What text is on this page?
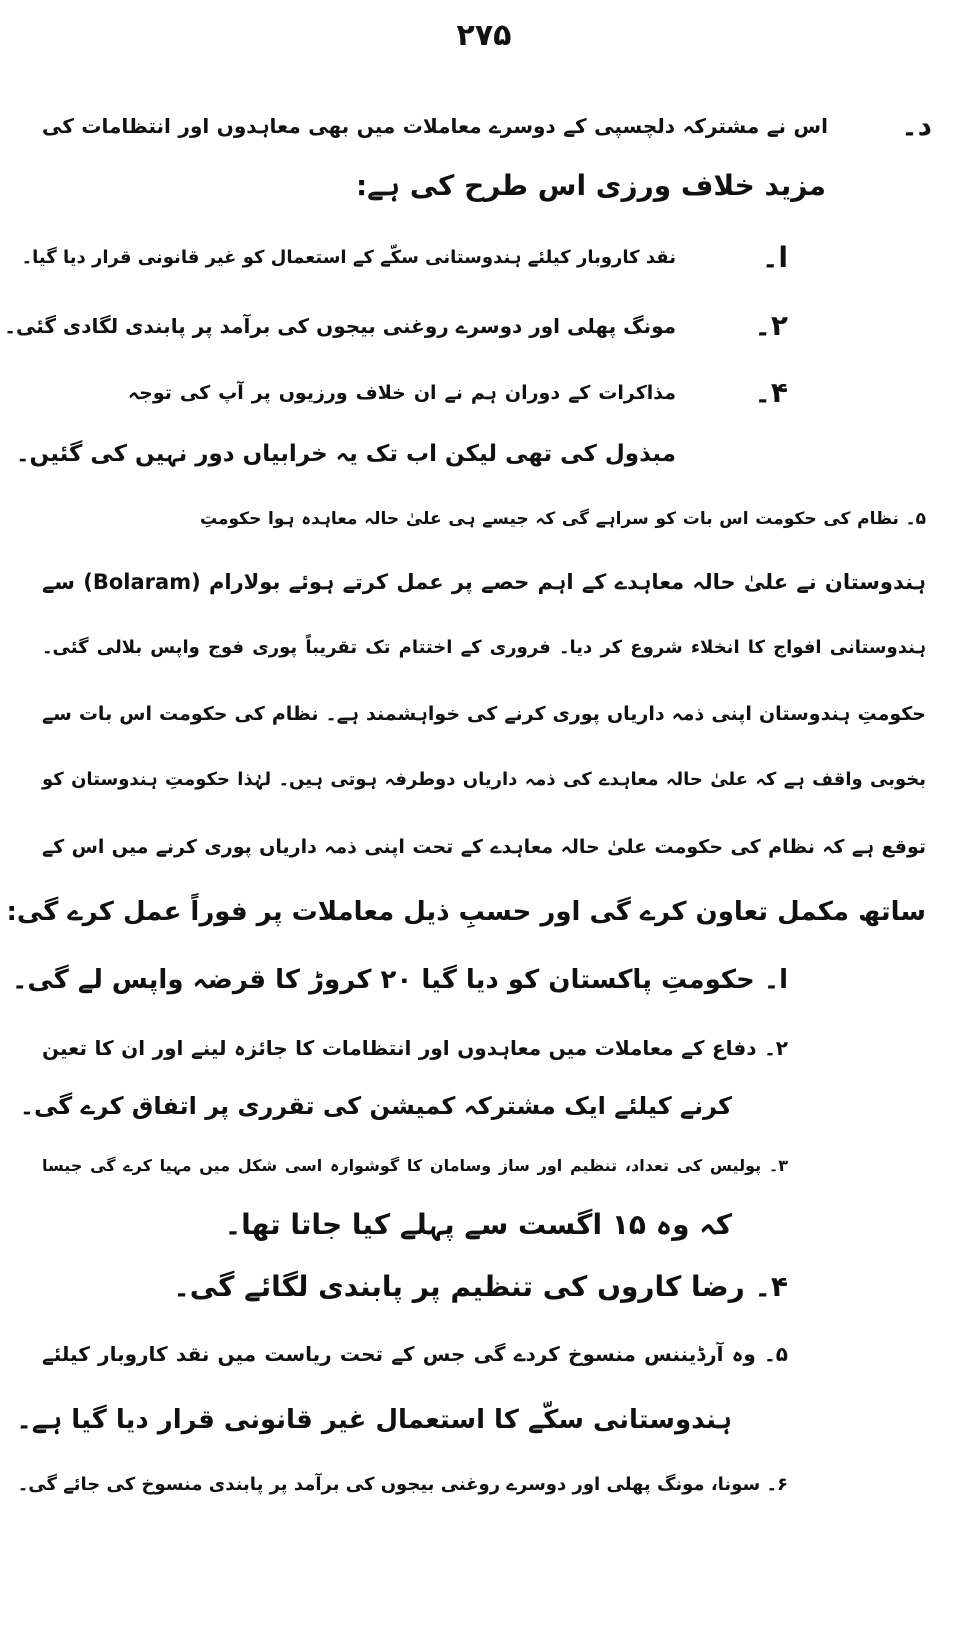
۲۷۵
د۔
اس نے مشترکہ دلچسپی کے دوسرے معاملات میں بھی معاہدوں اور انتظامات کی
مزید خلاف ورزی اس طرح کی ہے:
ا۔
نقد کاروبار کیلئے ہندوستانی سکّے کے استعمال کو غیر قانونی قرار دیا گیا۔
۲۔
مونگ پھلی اور دوسرے روغنی بیجوں کی برآمد پر پابندی لگادی گئی۔
۴۔
مذاکرات کے دوران ہم نے ان خلاف ورزیوں پر آپ کی توجہ
مبذول کی تھی لیکن اب تک یہ خرابیاں دور نہیں کی گئیں۔
۵۔ نظام کی حکومت اس بات کو سراہے گی کہ جیسے ہی علیٰ حالہ معاہدہ ہوا حکومتِ
ہندوستان نے علیٰ حالہ معاہدے کے اہم حصے پر عمل کرتے ہوئے بولارام (Bolaram) سے
ہندوستانی افواج کا انخلاء شروع کر دیا۔ فروری کے اختتام تک تقریباً پوری فوج واپس بلالی گئی۔
حکومتِ ہندوستان اپنی ذمہ داریاں پوری کرنے کی خواہشمند ہے۔ نظام کی حکومت اس بات سے
بخوبی واقف ہے کہ علیٰ حالہ معاہدے کی ذمہ داریاں دوطرفہ ہوتی ہیں۔ لہٰذا حکومتِ ہندوستان کو
توقع ہے کہ نظام کی حکومت علیٰ حالہ معاہدے کے تحت اپنی ذمہ داریاں پوری کرنے میں اس کے
ساتھ مکمل تعاون کرے گی اور حسبِ ذیل معاملات پر فوراً عمل کرے گی:
ا۔ حکومتِ پاکستان کو دیا گیا ۲۰ کروڑ کا قرضہ واپس لے گی۔
۲۔ دفاع کے معاملات میں معاہدوں اور انتظامات کا جائزہ لینے اور ان کا تعین
کرنے کیلئے ایک مشترکہ کمیشن کی تقرری پر اتفاق کرے گی۔
۳۔ پولیس کی تعداد، تنظیم اور ساز وسامان کا گوشوارہ اسی شکل میں مہیا کرے گی جیسا
کہ وہ ۱۵ اگست سے پہلے کیا جاتا تھا۔
۴۔ رضا کاروں کی تنظیم پر پابندی لگائے گی۔
۵۔ وہ آرڈیننس منسوخ کردے گی جس کے تحت ریاست میں نقد کاروبار کیلئے
ہندوستانی سکّے کا استعمال غیر قانونی قرار دیا گیا ہے۔
۶۔ سونا، مونگ پھلی اور دوسرے روغنی بیجوں کی برآمد پر پابندی منسوخ کی جائے گی۔
